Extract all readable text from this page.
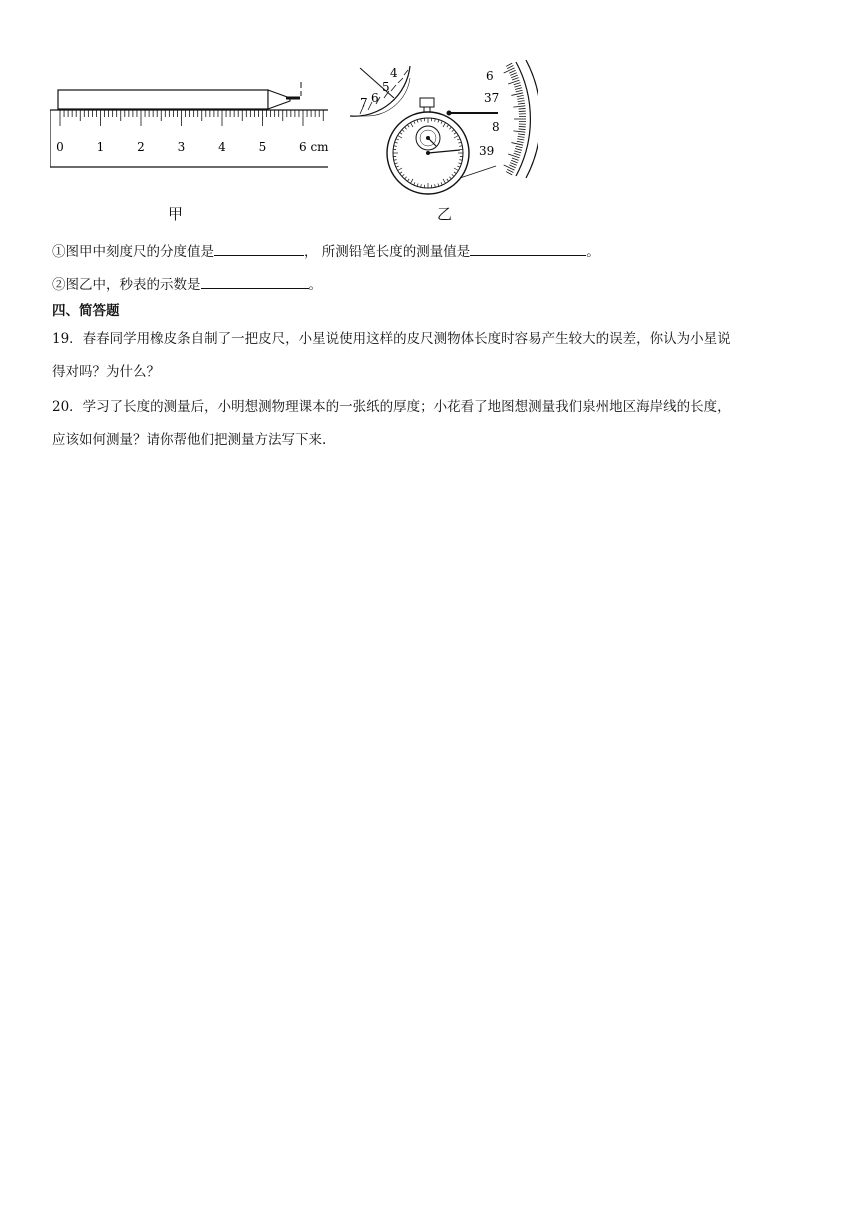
0	1	2	3	4	5	6 cm
甲
4
5
6
7
6
37
8
39
乙
①图甲中刻度尺的分度值是	， 所测铅笔长度的测量值是	。
②图乙中，秒表的示数是	。
四、简答题
19．春春同学用橡皮条自制了一把皮尺，小星说使用这样的皮尺测物体长度时容易产生较大的误差，你认为小星说
得对吗？为什么？
20．学习了长度的测量后，小明想测物理课本的一张纸的厚度；小花看了地图想测量我们泉州地区海岸线的长度，
应该如何测量？请你帮他们把测量方法写下来.
